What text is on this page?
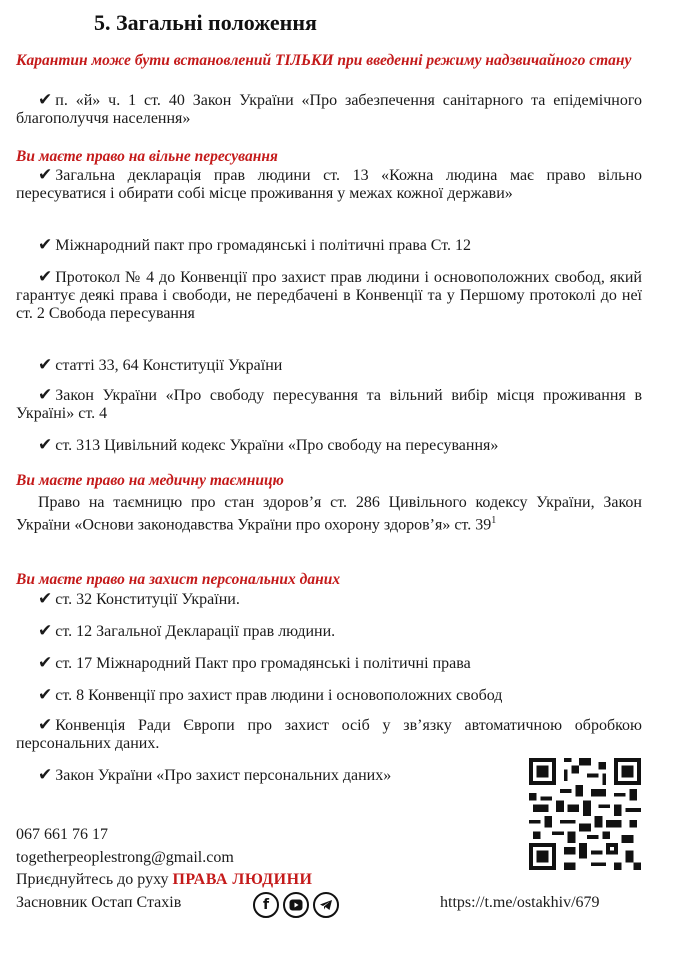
5. Загальні положення
Карантин може бути встановлений ТІЛЬКИ при введенні режиму надзвичайного стану
✔ п. «й» ч. 1 ст. 40 Закон України «Про забезпечення санітарного та епідемічного благополуччя населення»
Ви маєте право на вільне пересування
✔ Загальна декларація прав людини ст. 13 «Кожна людина має право вільно пересуватися і обирати собі місце проживання у межах кожної держави»
✔ Міжнародний пакт про громадянські і політичні права Ст. 12
✔ Протокол № 4 до Конвенції про захист прав людини і основоположних свобод, який гарантує деякі права і свободи, не передбачені в Конвенції та у Першому протоколі до неї ст. 2 Свобода пересування
✔ статті 33, 64 Конституції України
✔ Закон України «Про свободу пересування та вільний вибір місця проживання в Україні» ст. 4
✔ ст. 313 Цивільний кодекс України «Про свободу на пересування»
Ви маєте право на медичну таємницю
Право на таємницю про стан здоров’я ст. 286 Цивільного кодексу України, Закон України «Основи законодавства України про охорону здоров’я» ст. $39^1$
Ви маєте право на захист персональних даних
✔ ст. 32 Конституції України.
✔ ст. 12 Загальної Декларації прав людини.
✔ ст. 17 Міжнародний Пакт про громадянські і політичні права
✔ ст. 8 Конвенції про захист прав людини і основоположних свобод
✔ Конвенція Ради Європи про захист осіб у зв’язку автоматичною обробкою персональних даних.
✔ Закон України «Про захист персональних даних»
067 661 76 17
togetherpeoplestrong@gmail.com
Приєднуйтесь до руху ПРАВА ЛЮДИНИ
Засновник Остап Стахів	f	https://t.me/ostakhiv/679
